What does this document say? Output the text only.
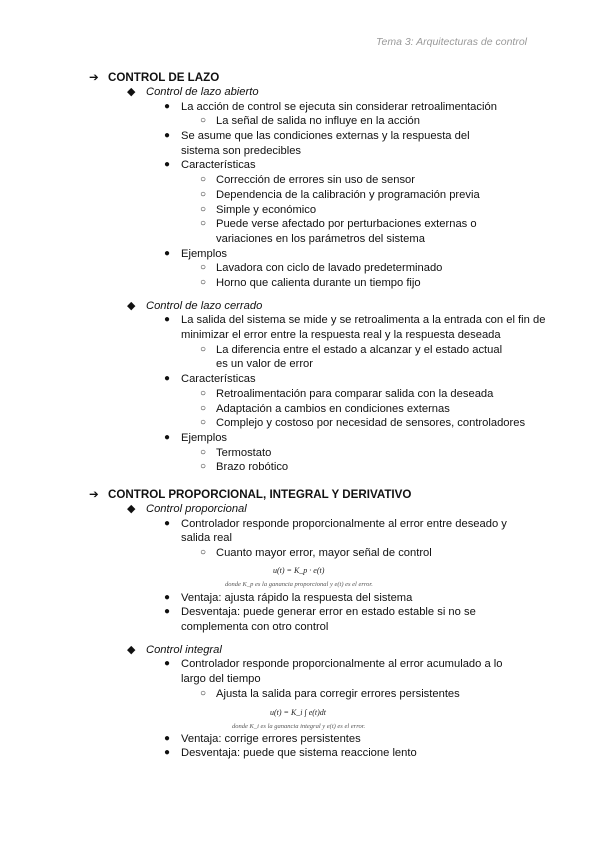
Tema 3: Arquitecturas de control
➔ CONTROL DE LAZO
◆ Control de lazo abierto
● La acción de control se ejecuta sin considerar retroalimentación
○ La señal de salida no influye en la acción
● Se asume que las condiciones externas y la respuesta del sistema son predecibles
● Características
○ Corrección de errores sin uso de sensor
○ Dependencia de la calibración y programación previa
○ Simple y económico
○ Puede verse afectado por perturbaciones externas o variaciones en los parámetros del sistema
● Ejemplos
○ Lavadora con ciclo de lavado predeterminado
○ Horno que calienta durante un tiempo fijo
◆ Control de lazo cerrado
● La salida del sistema se mide y se retroalimenta a la entrada con el fin de minimizar el error entre la respuesta real y la respuesta deseada
○ La diferencia entre el estado a alcanzar y el estado actual es un valor de error
● Características
○ Retroalimentación para comparar salida con la deseada
○ Adaptación a cambios en condiciones externas
○ Complejo y costoso por necesidad de sensores, controladores
● Ejemplos
○ Termostato
○ Brazo robótico
➔ CONTROL PROPORCIONAL, INTEGRAL Y DERIVATIVO
◆ Control proporcional
● Controlador responde proporcionalmente al error entre deseado y salida real
○ Cuanto mayor error, mayor señal de control
u(t) = K_p · e(t)
donde K_p es la ganancia proporcional y e(t) es el error.
● Ventaja: ajusta rápido la respuesta del sistema
● Desventaja: puede generar error en estado estable si no se complementa con otro control
◆ Control integral
● Controlador responde proporcionalmente al error acumulado a lo largo del tiempo
○ Ajusta la salida para corregir errores persistentes
u(t) = K_i ∫ e(t)dt
donde K_i es la ganancia integral y e(t) es el error.
● Ventaja: corrige errores persistentes
● Desventaja: puede que sistema reaccione lento
